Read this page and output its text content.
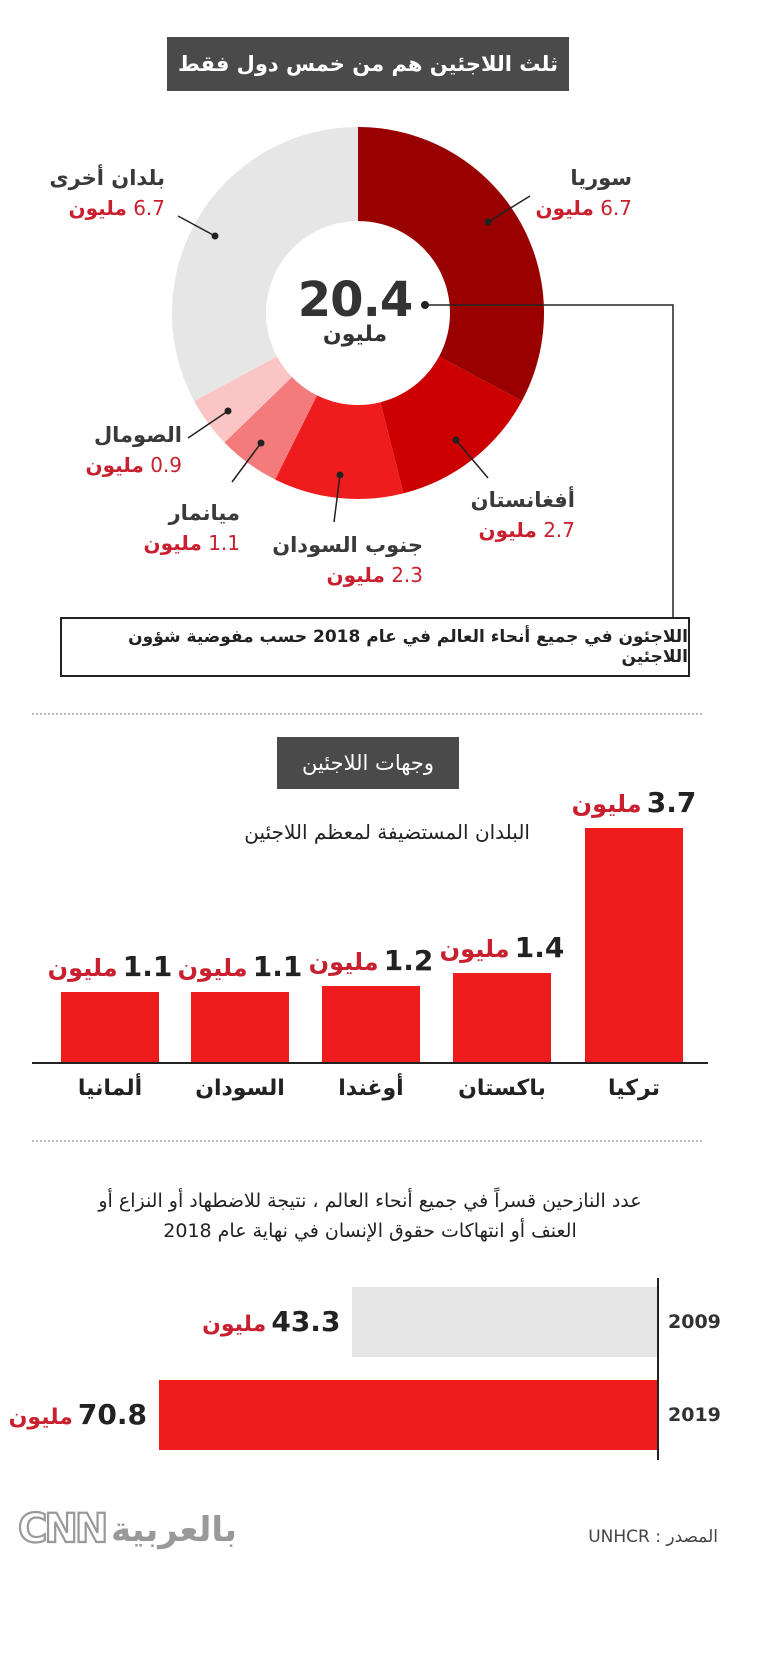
ثلث اللاجئين هم من خمس دول فقط
20.4
مليون
سوريا
6.7 مليون
أفغانستان
2.7 مليون
جنوب السودان
2.3 مليون
ميانمار
1.1 مليون
الصومال
0.9 مليون
بلدان أخرى
6.7 مليون
اللاجئون في جميع أنحاء العالم في عام 2018 حسب مفوضية شؤون اللاجئين
وجهات اللاجئين
البلدان المستضيفة لمعظم اللاجئين
3.7 مليون
تركيا
1.4 مليون
باكستان
1.2 مليون
أوغندا
1.1 مليون
السودان
1.1 مليون
ألمانيا
عدد النازحين قسراً في جميع أنحاء العالم ، نتيجة للاضطهاد أو النزاع أو
العنف أو انتهاكات حقوق الإنسان في نهاية عام 2018
43.3 مليون	2009
70.8 مليون	2019
CNN بالعربية	المصدر : UNHCR
